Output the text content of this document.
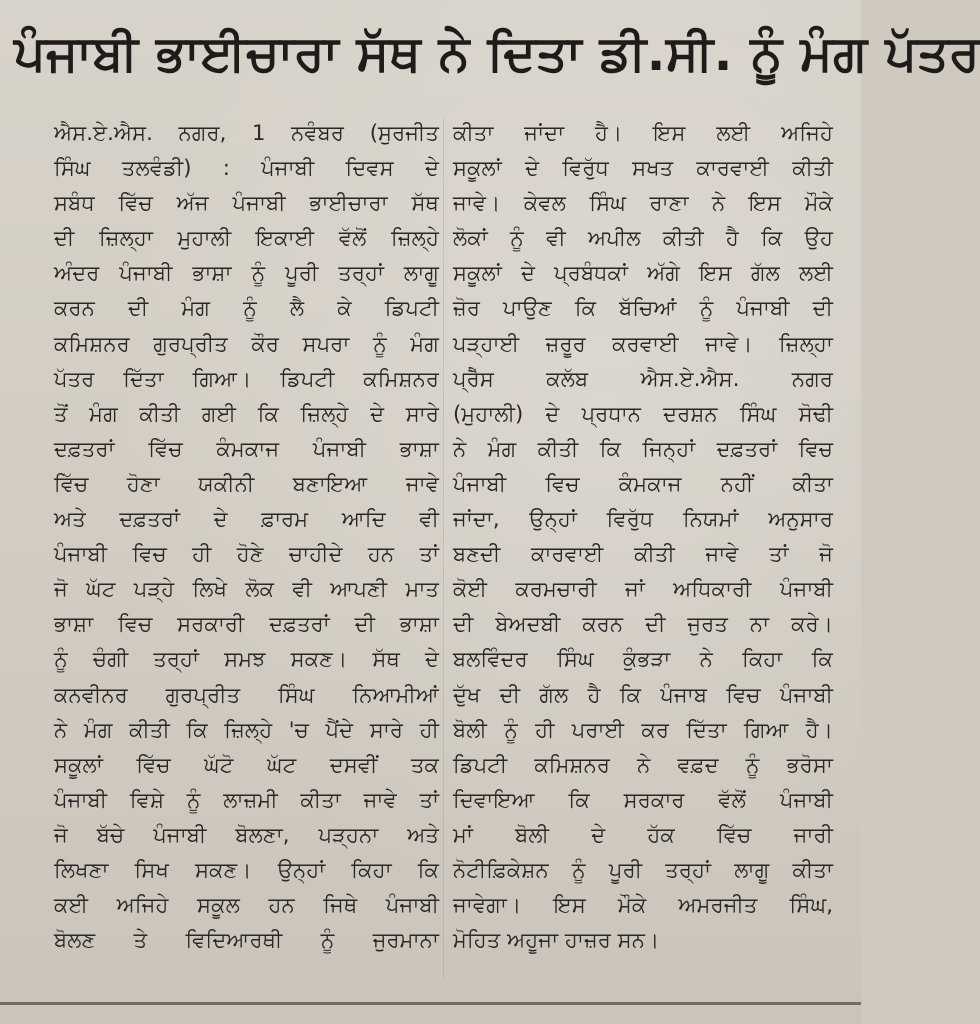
ਪੰਜਾਬੀ ਭਾਈਚਾਰਾ ਸੱਥ ਨੇ ਦਿਤਾ ਡੀ.ਸੀ. ਨੂੰ ਮੰਗ ਪੱਤਰ
ਐਸ.ਏ.ਐਸ. ਨਗਰ, 1 ਨਵੰਬਰ (ਸੁਰਜੀਤ
ਸਿੰਘ ਤਲਵੰਡੀ) : ਪੰਜਾਬੀ ਦਿਵਸ ਦੇ
ਸਬੰਧ ਵਿੱਚ ਅੱਜ ਪੰਜਾਬੀ ਭਾਈਚਾਰਾ ਸੱਥ
ਦੀ ਜ਼ਿਲ੍ਹਾ ਮੁਹਾਲੀ ਇਕਾਈ ਵੱਲੋਂ ਜ਼ਿਲ੍ਹੇ
ਅੰਦਰ ਪੰਜਾਬੀ ਭਾਸ਼ਾ ਨੂੰ ਪੂਰੀ ਤਰ੍ਹਾਂ ਲਾਗੂ
ਕਰਨ ਦੀ ਮੰਗ ਨੂੰ ਲੈ ਕੇ ਡਿਪਟੀ
ਕਮਿਸ਼ਨਰ ਗੁਰਪ੍ਰੀਤ ਕੌਰ ਸਪਰਾ ਨੂੰ ਮੰਗ
ਪੱਤਰ ਦਿੱਤਾ ਗਿਆ। ਡਿਪਟੀ ਕਮਿਸ਼ਨਰ
ਤੋਂ ਮੰਗ ਕੀਤੀ ਗਈ ਕਿ ਜ਼ਿਲ੍ਹੇ ਦੇ ਸਾਰੇ
ਦਫ਼ਤਰਾਂ ਵਿੱਚ ਕੰਮਕਾਜ ਪੰਜਾਬੀ ਭਾਸ਼ਾ
ਵਿੱਚ ਹੋਣਾ ਯਕੀਨੀ ਬਣਾਇਆ ਜਾਵੇ
ਅਤੇ ਦਫ਼ਤਰਾਂ ਦੇ ਫ਼ਾਰਮ ਆਦਿ ਵੀ
ਪੰਜਾਬੀ ਵਿਚ ਹੀ ਹੋਣੇ ਚਾਹੀਦੇ ਹਨ ਤਾਂ
ਜੋ ਘੱਟ ਪੜ੍ਹੇ ਲਿਖੇ ਲੋਕ ਵੀ ਆਪਣੀ ਮਾਤ
ਭਾਸ਼ਾ ਵਿਚ ਸਰਕਾਰੀ ਦਫ਼ਤਰਾਂ ਦੀ ਭਾਸ਼ਾ
ਨੂੰ ਚੰਗੀ ਤਰ੍ਹਾਂ ਸਮਝ ਸਕਣ। ਸੱਥ ਦੇ
ਕਨਵੀਨਰ ਗੁਰਪ੍ਰੀਤ ਸਿੰਘ ਨਿਆਮੀਆਂ
ਨੇ ਮੰਗ ਕੀਤੀ ਕਿ ਜ਼ਿਲ੍ਹੇ 'ਚ ਪੈਂਦੇ ਸਾਰੇ ਹੀ
ਸਕੂਲਾਂ ਵਿੱਚ ਘੱਟੋ ਘੱਟ ਦਸਵੀਂ ਤਕ
ਪੰਜਾਬੀ ਵਿਸ਼ੇ ਨੂੰ ਲਾਜ਼ਮੀ ਕੀਤਾ ਜਾਵੇ ਤਾਂ
ਜੋ ਬੱਚੇ ਪੰਜਾਬੀ ਬੋਲਣਾ, ਪੜ੍ਹਨਾ ਅਤੇ
ਲਿਖਣਾ ਸਿਖ ਸਕਣ। ਉਨ੍ਹਾਂ ਕਿਹਾ ਕਿ
ਕਈ ਅਜਿਹੇ ਸਕੂਲ ਹਨ ਜਿਥੇ ਪੰਜਾਬੀ
ਬੋਲਣ ਤੇ ਵਿਦਿਆਰਥੀ ਨੂੰ ਜੁਰਮਾਨਾ
ਕੀਤਾ ਜਾਂਦਾ ਹੈ। ਇਸ ਲਈ ਅਜਿਹੇ
ਸਕੂਲਾਂ ਦੇ ਵਿਰੁੱਧ ਸਖਤ ਕਾਰਵਾਈ ਕੀਤੀ
ਜਾਵੇ। ਕੇਵਲ ਸਿੰਘ ਰਾਣਾ ਨੇ ਇਸ ਮੌਕੇ
ਲੋਕਾਂ ਨੂੰ ਵੀ ਅਪੀਲ ਕੀਤੀ ਹੈ ਕਿ ਉਹ
ਸਕੂਲਾਂ ਦੇ ਪ੍ਰਬੰਧਕਾਂ ਅੱਗੇ ਇਸ ਗੱਲ ਲਈ
ਜ਼ੋਰ ਪਾਉਣ ਕਿ ਬੱਚਿਆਂ ਨੂੰ ਪੰਜਾਬੀ ਦੀ
ਪੜ੍ਹਾਈ ਜ਼ਰੂਰ ਕਰਵਾਈ ਜਾਵੇ। ਜ਼ਿਲ੍ਹਾ
ਪ੍ਰੈੱਸ ਕਲੱਬ ਐਸ.ਏ.ਐਸ. ਨਗਰ
(ਮੁਹਾਲੀ) ਦੇ ਪ੍ਰਧਾਨ ਦਰਸ਼ਨ ਸਿੰਘ ਸੋਢੀ
ਨੇ ਮੰਗ ਕੀਤੀ ਕਿ ਜਿਨ੍ਹਾਂ ਦਫ਼ਤਰਾਂ ਵਿਚ
ਪੰਜਾਬੀ ਵਿਚ ਕੰਮਕਾਜ ਨਹੀਂ ਕੀਤਾ
ਜਾਂਦਾ, ਉਨ੍ਹਾਂ ਵਿਰੁੱਧ ਨਿਯਮਾਂ ਅਨੁਸਾਰ
ਬਣਦੀ ਕਾਰਵਾਈ ਕੀਤੀ ਜਾਵੇ ਤਾਂ ਜੋ
ਕੋਈ ਕਰਮਚਾਰੀ ਜਾਂ ਅਧਿਕਾਰੀ ਪੰਜਾਬੀ
ਦੀ ਬੇਅਦਬੀ ਕਰਨ ਦੀ ਜੁਰਤ ਨਾ ਕਰੇ।
ਬਲਵਿੰਦਰ ਸਿੰਘ ਕੁੰਭੜਾ ਨੇ ਕਿਹਾ ਕਿ
ਦੁੱਖ ਦੀ ਗੱਲ ਹੈ ਕਿ ਪੰਜਾਬ ਵਿਚ ਪੰਜਾਬੀ
ਬੋਲੀ ਨੂੰ ਹੀ ਪਰਾਈ ਕਰ ਦਿੱਤਾ ਗਿਆ ਹੈ।
ਡਿਪਟੀ ਕਮਿਸ਼ਨਰ ਨੇ ਵਫ਼ਦ ਨੂੰ ਭਰੋਸਾ
ਦਿਵਾਇਆ ਕਿ ਸਰਕਾਰ ਵੱਲੋਂ ਪੰਜਾਬੀ
ਮਾਂ ਬੋਲੀ ਦੇ ਹੱਕ ਵਿੱਚ ਜਾਰੀ
ਨੋਟੀਫ਼ਿਕੇਸ਼ਨ ਨੂੰ ਪੂਰੀ ਤਰ੍ਹਾਂ ਲਾਗੂ ਕੀਤਾ
ਜਾਵੇਗਾ। ਇਸ ਮੌਕੇ ਅਮਰਜੀਤ ਸਿੰਘ,
ਮੋਹਿਤ ਅਹੂਜਾ ਹਾਜ਼ਰ ਸਨ।
